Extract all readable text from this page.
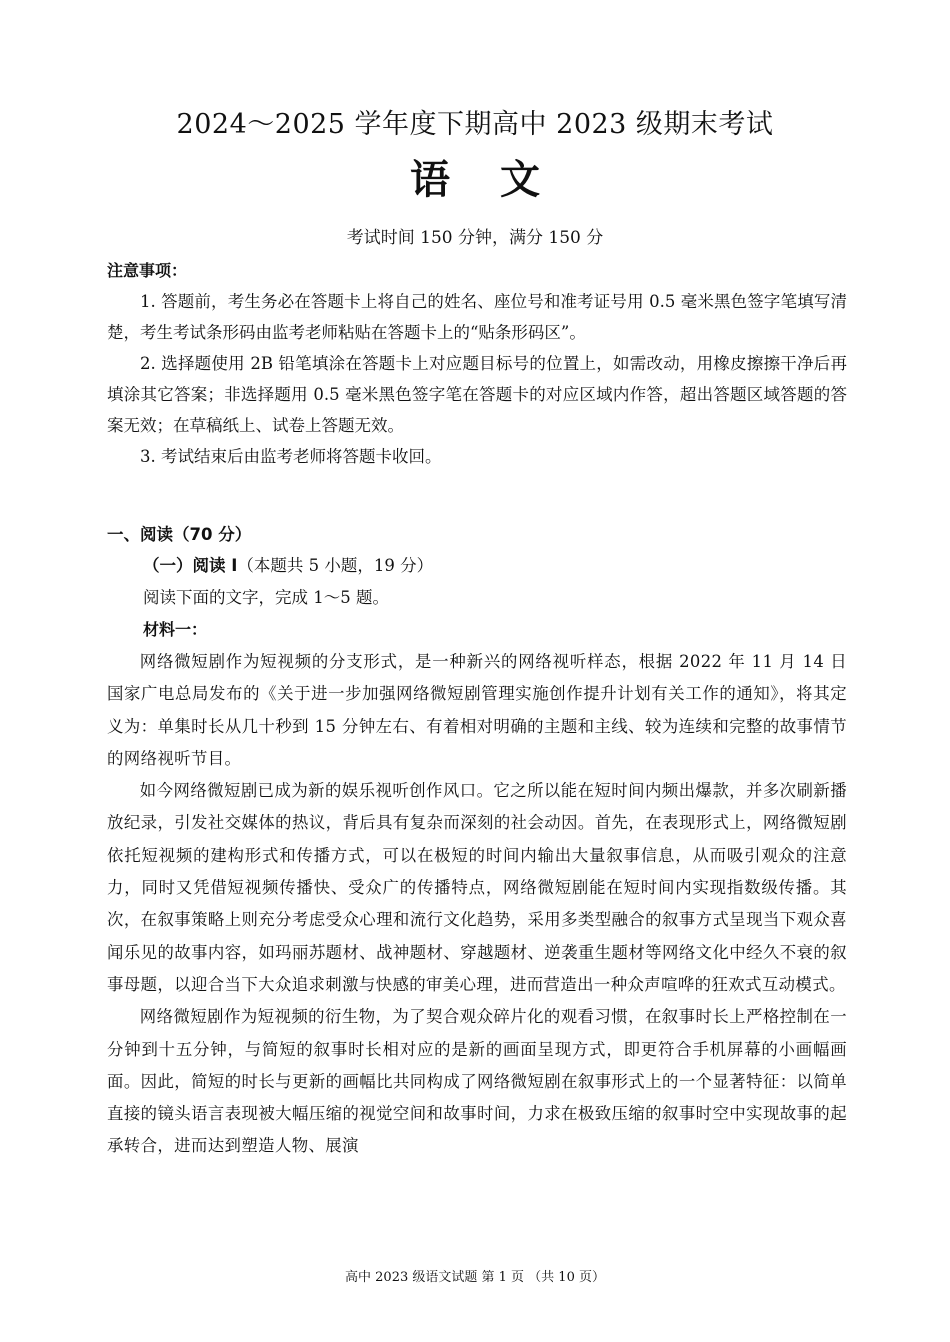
2024～2025 学年度下期高中 2023 级期末考试
语 文
考试时间 150 分钟，满分 150 分

注意事项：

1. 答题前，考生务必在答题卡上将自己的姓名、座位号和准考证号用 0.5 毫米黑色签字笔填写清楚，考生考试条形码由监考老师粘贴在答题卡上的“贴条形码区”。

2. 选择题使用 2B 铅笔填涂在答题卡上对应题目标号的位置上，如需改动，用橡皮擦擦干净后再填涂其它答案；非选择题用 0.5 毫米黑色签字笔在答题卡的对应区域内作答，超出答题区域答题的答案无效；在草稿纸上、试卷上答题无效。

3. 考试结束后由监考老师将答题卡收回。

一、阅读（70 分）

（一）阅读 Ⅰ（本题共 5 小题，19 分）

阅读下面的文字，完成 1～5 题。

材料一：

网络微短剧作为短视频的分支形式，是一种新兴的网络视听样态，根据 2022 年 11 月 14 日国家广电总局发布的《关于进一步加强网络微短剧管理实施创作提升计划有关工作的通知》，将其定义为：单集时长从几十秒到 15 分钟左右、有着相对明确的主题和主线、较为连续和完整的故事情节的网络视听节目。

如今网络微短剧已成为新的娱乐视听创作风口。它之所以能在短时间内频出爆款，并多次刷新播放纪录，引发社交媒体的热议，背后具有复杂而深刻的社会动因。首先，在表现形式上，网络微短剧依托短视频的建构形式和传播方式，可以在极短的时间内输出大量叙事信息，从而吸引观众的注意力，同时又凭借短视频传播快、受众广的传播特点，网络微短剧能在短时间内实现指数级传播。其次，在叙事策略上则充分考虑受众心理和流行文化趋势，采用多类型融合的叙事方式呈现当下观众喜闻乐见的故事内容，如玛丽苏题材、战神题材、穿越题材、逆袭重生题材等网络文化中经久不衰的叙事母题，以迎合当下大众追求刺激与快感的审美心理，进而营造出一种众声喧哗的狂欢式互动模式。

网络微短剧作为短视频的衍生物，为了契合观众碎片化的观看习惯，在叙事时长上严格控制在一分钟到十五分钟，与简短的叙事时长相对应的是新的画面呈现方式，即更符合手机屏幕的小画幅画面。因此，简短的时长与更新的画幅比共同构成了网络微短剧在叙事形式上的一个显著特征：以简单直接的镜头语言表现被大幅压缩的视觉空间和故事时间，力求在极致压缩的叙事时空中实现故事的起承转合，进而达到塑造人物、展演

高中 2023 级语文试题 第 1 页 （共 10 页）
